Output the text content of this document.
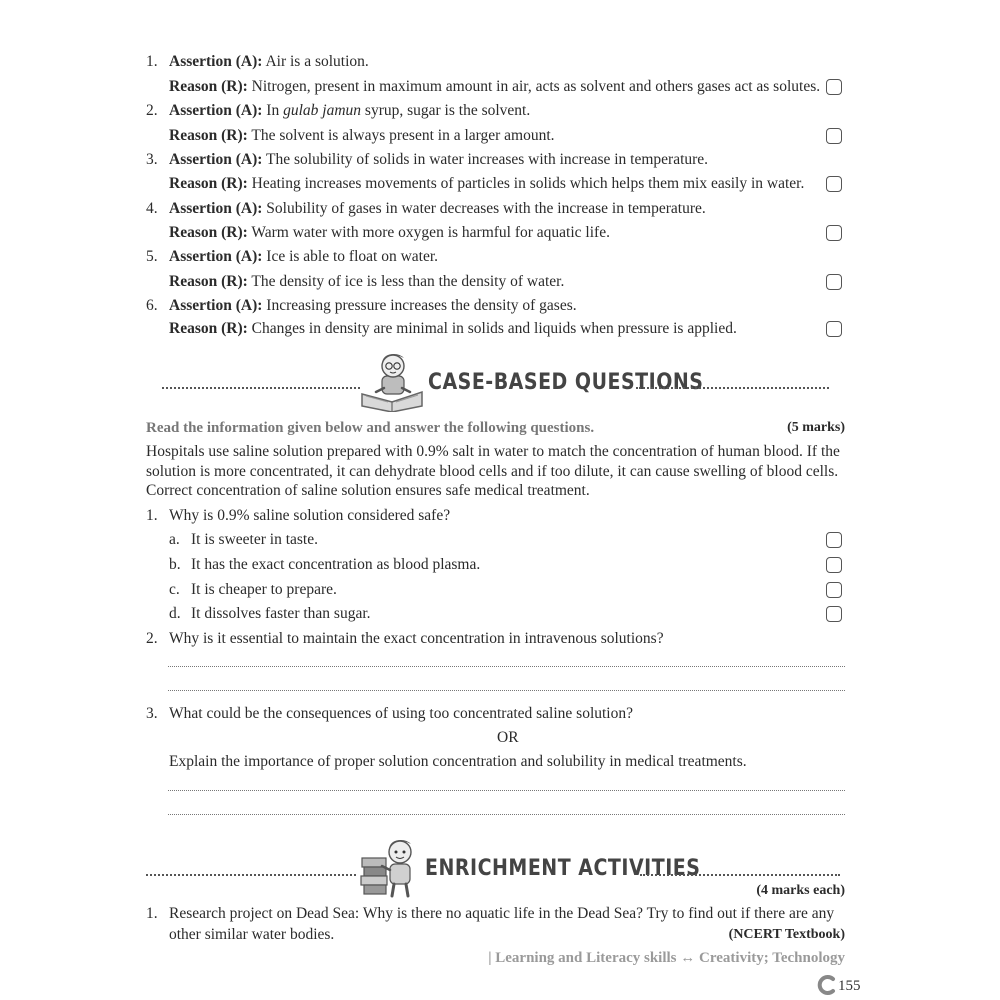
1. Assertion (A): Air is a solution.
Reason (R): Nitrogen, present in maximum amount in air, acts as solvent and others gases act as solutes.
2. Assertion (A): In gulab jamun syrup, sugar is the solvent.
Reason (R): The solvent is always present in a larger amount.
3. Assertion (A): The solubility of solids in water increases with increase in temperature.
Reason (R): Heating increases movements of particles in solids which helps them mix easily in water.
4. Assertion (A): Solubility of gases in water decreases with the increase in temperature.
Reason (R): Warm water with more oxygen is harmful for aquatic life.
5. Assertion (A): Ice is able to float on water.
Reason (R): The density of ice is less than the density of water.
6. Assertion (A): Increasing pressure increases the density of gases.
Reason (R): Changes in density are minimal in solids and liquids when pressure is applied.
CASE-BASED QUESTIONS
Read the information given below and answer the following questions.	(5 marks)
Hospitals use saline solution prepared with 0.9% salt in water to match the concentration of human blood. If the
solution is more concentrated, it can dehydrate blood cells and if too dilute, it can cause swelling of blood cells.
Correct concentration of saline solution ensures safe medical treatment.
1. Why is 0.9% saline solution considered safe?
a. It is sweeter in taste.
b. It has the exact concentration as blood plasma.
c. It is cheaper to prepare.
d. It dissolves faster than sugar.
2. Why is it essential to maintain the exact concentration in intravenous solutions?
3. What could be the consequences of using too concentrated saline solution?
OR
Explain the importance of proper solution concentration and solubility in medical treatments.
ENRICHMENT ACTIVITIES
(4 marks each)
1. Research project on Dead Sea: Why is there no aquatic life in the Dead Sea? Try to find out if there are any
other similar water bodies.	(NCERT Textbook)
| Learning and Literacy skills ↔ Creativity; Technology
155
